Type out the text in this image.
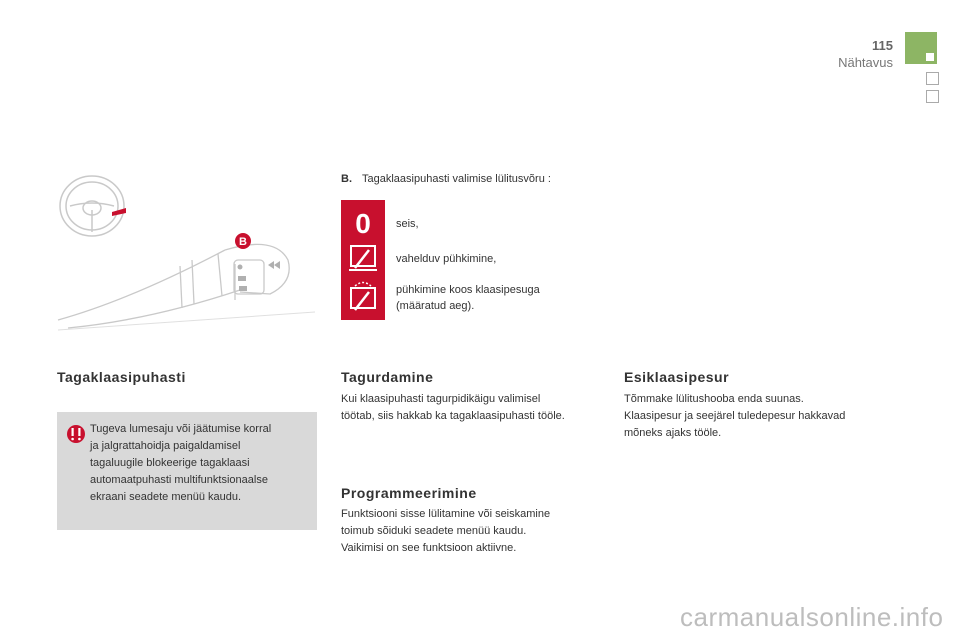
115
Nähtavus
B
B. Tagaklaasipuhasti valimise lülitusvõru :
0 seis,
vahelduv pühkimine,
pühkimine koos klaasipesuga
(määratud aeg).
Tagaklaasipuhasti
Tugeva lumesaju või jäätumise korral
ja jalgrattahoidja paigaldamisel
tagaluugile blokeerige tagaklaasi
automaatpuhasti multifunktsionaalse
ekraani seadete menüü kaudu.
Tagurdamine
Kui klaasipuhasti tagurpidikäigu valimisel
töötab, siis hakkab ka tagaklaasipuhasti tööle.
Programmeerimine
Funktsiooni sisse lülitamine või seiskamine
toimub sõiduki seadete menüü kaudu.
Vaikimisi on see funktsioon aktiivne.
Esiklaasipesur
Tõmmake lülitushooba enda suunas.
Klaasipesur ja seejärel tuledepesur hakkavad
mõneks ajaks tööle.
carmanualsonline.info
